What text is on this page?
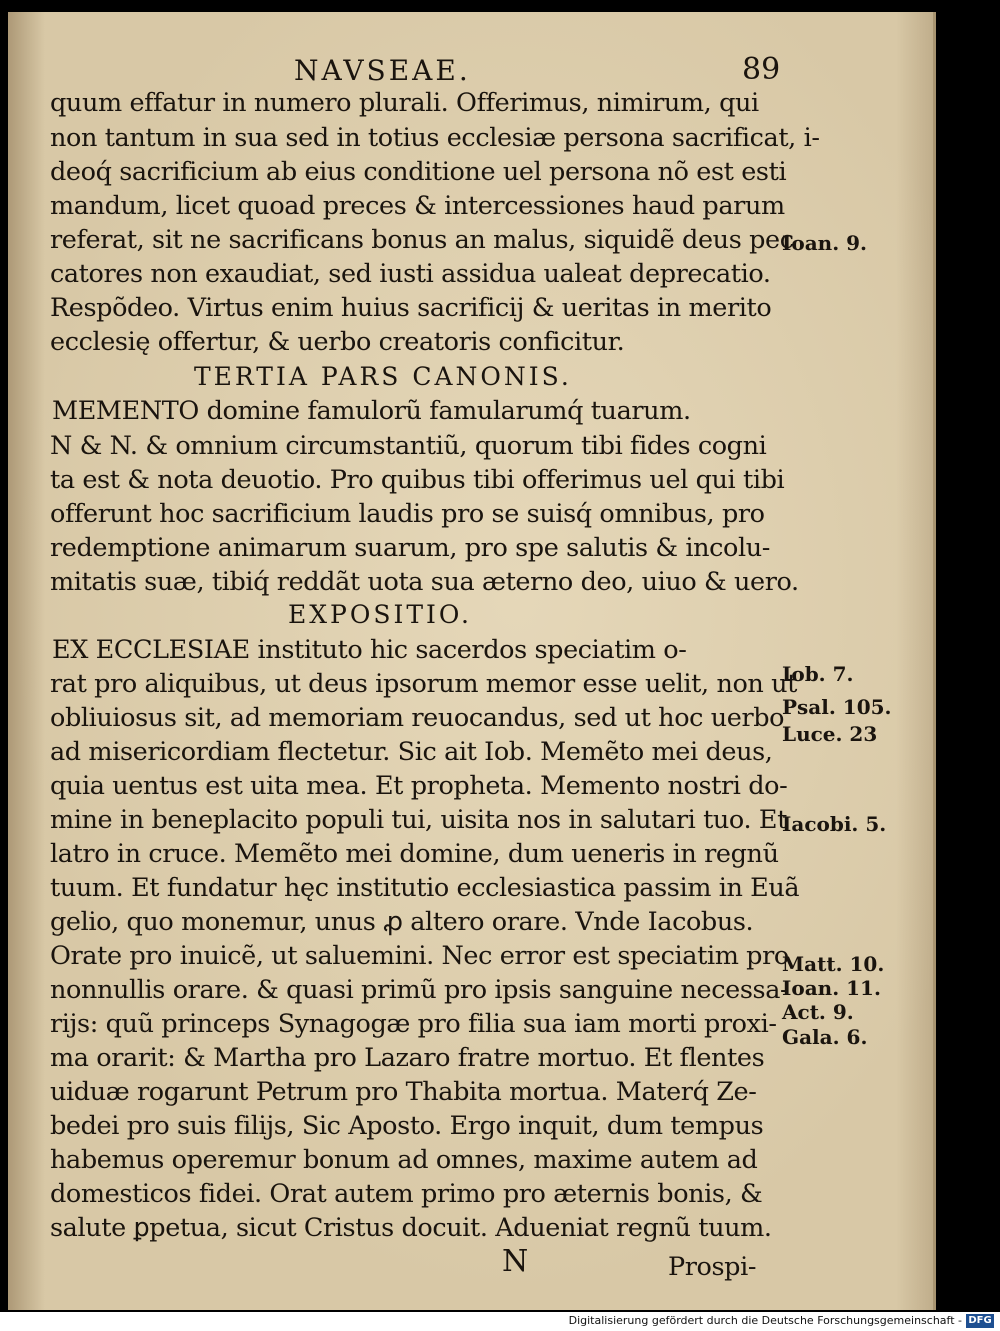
NAVSEAE.	89
quum effatur in numero plurali. Offerimus, nimirum, qui
non tantum in sua sed in totius ecclesiæ persona sacrificat, i-
deoq́ sacrificium ab eius conditione uel persona nõ est esti
mandum, licet quoad preces & intercessiones haud parum
referat, sit ne sacrificans bonus an malus, siquidẽ deus pec
catores non exaudiat, sed iusti assidua ualeat deprecatio.
Respõdeo. Virtus enim huius sacrificij & ueritas in merito
ecclesię offertur, & uerbo creatoris conficitur.
TERTIA PARS CANONIS.
MEMENTO domine famulorũ famularumq́ tuarum.
N & N. & omnium circumstantiũ, quorum tibi fides cogni
ta est & nota deuotio. Pro quibus tibi offerimus uel qui tibi
offerunt hoc sacrificium laudis pro se suisq́ omnibus, pro
redemptione animarum suarum, pro spe salutis & incolu-
mitatis suæ, tibiq́ reddãt uota sua æterno deo, uiuo & uero.
EXPOSITIO.
EX ECCLESIAE instituto hic sacerdos speciatim o-
rat pro aliquibus, ut deus ipsorum memor esse uelit, non ut
obliuiosus sit, ad memoriam reuocandus, sed ut hoc uerbo
ad misericordiam flectetur. Sic ait Iob. Memẽto mei deus,
quia uentus est uita mea. Et propheta. Memento nostri do-
mine in beneplacito populi tui, uisita nos in salutari tuo. Et
latro in cruce. Memẽto mei domine, dum ueneris in regnũ
tuum. Et fundatur hęc institutio ecclesiastica passim in Euã
gelio, quo monemur, unus ꝓ altero orare. Vnde Iacobus.
Orate pro inuicẽ, ut saluemini. Nec error est speciatim pro
nonnullis orare. & quasi primũ pro ipsis sanguine necessa-
rijs: quũ princeps Synagogæ pro filia sua iam morti proxi-
ma orarit: & Martha pro Lazaro fratre mortuo. Et flentes
uiduæ rogarunt Petrum pro Thabita mortua. Materq́ Ze-
bedei pro suis filijs, Sic Aposto. Ergo inquit, dum tempus
habemus operemur bonum ad omnes, maxime autem ad
domesticos fidei. Orat autem primo pro æternis bonis, &
salute ꝑpetua, sicut Cristus docuit. Adueniat regnũ tuum.
N	Prospi-
Ioan. 9.
Iob. 7.
Psal. 105.
Luce. 23
Iacobi. 5.
Matt. 10.
Ioan. 11.
Act. 9.
Gala. 6.
Digitalisierung gefördert durch die Deutsche Forschungsgemeinschaft - DFG
